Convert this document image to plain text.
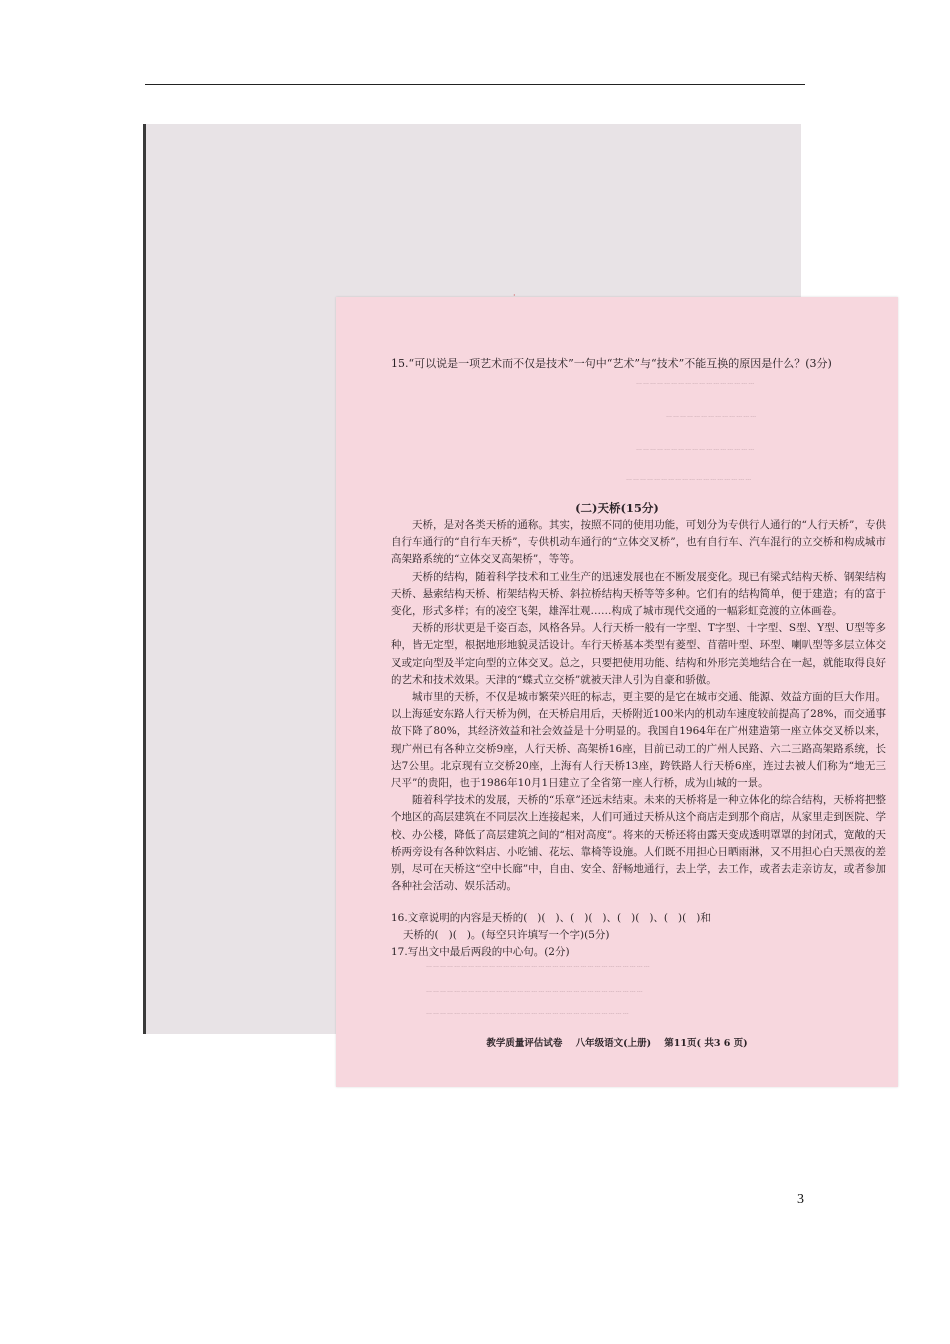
·
┄┄┄┄┄┄┄┄┄┄┄┄┄┄┄┄┄
┄┄┄┄┄┄┄┄┄┄┄┄┄
┄┄┄┄┄┄┄┄┄┄┄┄┄┄┄┄┄
┄┄┄┄┄┄┄┄┄┄┄┄┄┄┄┄┄┄
┄┄┄┄┄┄┄┄┄┄┄┄┄┄┄┄┄┄┄┄┄┄┄┄┄┄┄┄┄┄┄┄
┄┄┄┄┄┄┄┄┄┄┄┄┄┄┄┄┄┄┄┄┄┄┄┄┄┄┄┄┄┄┄
┄┄┄┄┄┄┄┄┄┄┄┄┄┄┄┄┄┄┄┄┄┄┄┄┄┄┄┄┄
15.“可以说是一项艺术而不仅是技术”一句中“艺术”与“技术”不能互换的原因是什么？(3分)
(二)天桥(15分)

天桥，是对各类天桥的通称。其实，按照不同的使用功能，可划分为专供行人通行的“人行天桥”，专供自行车通行的“自行车天桥”，专供机动车通行的“立体交叉桥”，也有自行车、汽车混行的立交桥和构成城市高架路系统的“立体交叉高架桥”，等等。

天桥的结构，随着科学技术和工业生产的迅速发展也在不断发展变化。现已有梁式结构天桥、钢架结构天桥、悬索结构天桥、桁架结构天桥、斜拉桥结构天桥等等多种。它们有的结构简单，便于建造；有的富于变化，形式多样；有的凌空飞架，雄浑壮观……构成了城市现代交通的一幅彩虹竞渡的立体画卷。

天桥的形状更是千姿百态，风格各异。人行天桥一般有一字型、T字型、十字型、S型、Y型、U型等多种，皆无定型，根据地形地貌灵活设计。车行天桥基本类型有菱型、苜蓿叶型、环型、喇叭型等多层立体交叉或定向型及半定向型的立体交叉。总之，只要把使用功能、结构和外形完美地结合在一起，就能取得良好的艺术和技术效果。天津的“蝶式立交桥”就被天津人引为自豪和骄傲。

城市里的天桥，不仅是城市繁荣兴旺的标志，更主要的是它在城市交通、能源、效益方面的巨大作用。以上海延安东路人行天桥为例，在天桥启用后，天桥附近100米内的机动车速度较前提高了28%，而交通事故下降了80%，其经济效益和社会效益是十分明显的。我国自1964年在广州建造第一座立体交叉桥以来，现广州已有各种立交桥9座，人行天桥、高架桥16座，目前已动工的广州人民路、六二三路高架路系统，长达7公里。北京现有立交桥20座，上海有人行天桥13座，跨铁路人行天桥6座，连过去被人们称为“地无三尺平”的贵阳，也于1986年10月1日建立了全省第一座人行桥，成为山城的一景。

随着科学技术的发展，天桥的“乐章”还远未结束。未来的天桥将是一种立体化的综合结构，天桥将把整个地区的高层建筑在不同层次上连接起来，人们可通过天桥从这个商店走到那个商店，从家里走到医院、学校、办公楼，降低了高层建筑之间的“相对高度”。将来的天桥还将由露天变成透明罩罩的封闭式，宽敞的天桥两旁设有各种饮料店、小吃铺、花坛、靠椅等设施。人们既不用担心日晒雨淋，又不用担心白天黑夜的差别，尽可在天桥这“空中长廊”中，自由、安全、舒畅地通行，去上学，去工作，或者去走亲访友，或者参加各种社会活动、娱乐活动。

16.文章说明的内容是天桥的(   )(   )、(   )(   )、(   )(   )、(   )(   )和
天桥的(   )(   )。(每空只许填写一个字)(5分)
17.写出文中最后两段的中心句。(2分)
教学质量评估试卷    八年级语文(上册)    第11页( 共3 6 页)
3
